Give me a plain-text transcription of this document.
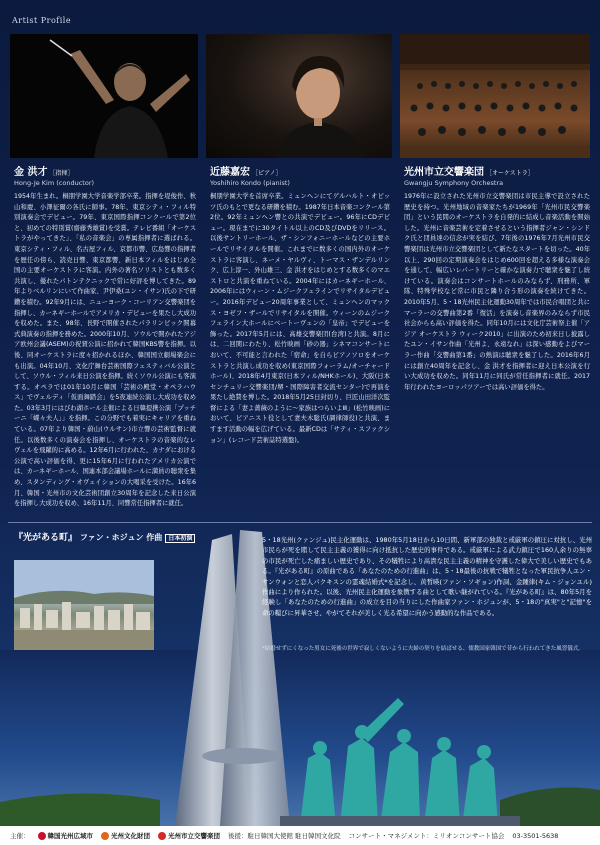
Artist Profile
金 洪才 ［指揮］
Hong-Je Kim (conductor)
1954年生まれ。桐朋学園大学音楽学部卒業。指揮を堤俊作、秋山和慶、小澤征爾の各氏に師事。78年、東京シティ・フィル特別演奏会でデビュー。79年、東京国際指揮コンクールで第2位と、初めての特別賞(齋藤秀雄賞)を受賞。テレビ番組「オーケストラがやってきた」、「私の音楽会」の専属指揮者に選ばれる。東京シティ・フィル、名古屋フィル、京都市響、広島響の指揮者を歴任の傍ら、読売日響、東京都響、新日本フィルをはじめ全国の主要オーケストラに客演。内外の著名ソリストとも数多く共演し、優れたパトンテクニックで常に好評を博してきた。89年よりベルリンにいて作曲家、尹伊桑(ユン・イサン)氏の下で研鑽を積む。92年9月には、ニューヨーク・コーリアン交響楽団を指揮し、カーネギーホールでアメリカ・デビューを果たし大成功を収めた。また、98年、長野で開催されたパラリンピック開幕式典演奏の指揮を務めた。2000年10月、ソウルで開かれたアジア欧州会議(ASEM)の祝賀公演に招かれて韓国KBS響を指揮。以後、同オーケストラに度々招かれるほか、韓国国立劇場楽会にも出演。04年10月、文化庁舞台芸術国際フェスティバル公演として、ソウル・フィル来日公演を指揮。続くソウル公演にも客演する。オペラでは01年10月に韓国「芸術の殿堂・オペラハウス」でヴェルディ「仮面舞踏会」を5夜連続公演し大成功を収めた。03年3月にはびわ湖ホール主催による日韓提携公演「プッチーニ「蝶々夫人」」を指揮。この分野でも着実にキャリアを重ねている。07年より韓国・蔚山(ウルサン)市立響の芸術監督に就任。以後数多くの演奏会を指揮し、オーケストラの音楽的なレヴェルを飛躍的に高める。12年6月に行われた、カナダにおける公演で高い評価を得、更に15年6月に行われたアメリカ公演では、カーネギーホール、国連本部会議場ホールに満員の聴衆を集め、スタンディング・オヴェイションの大喝采を受けた。16年6月、韓国・光州市の文化芸術団創立30周年を記念した来日公演を指揮し大成功を収め、16年11月、同響常任指揮者に就任。
近藤嘉宏 ［ピアノ］
Yoshihiro Kondo (pianist)
桐朋学園大学を首席卒業。ミュンヘンにてゲルハルト・オピッツ氏のもとで更なる研鑽を積む。1987年日本音楽コンクール第2位。92年ミュンヘン響との共演でデビュー。96年にCDデビュー。現在までに30タイトル以上のCD及びDVDをリリース。以後サントリーホール、ザ・シンフォニーホールなどの主要ホールでリサイタルを開催。これまでに数多くの国内外のオーケストラに客演し、ネーメ・ヤルヴィ、トーマス・ザンデルリンク、広上淳一、外山雄三、金 洪才をはじめとする数多くのマエストロと共演を重ねている。2004年にはカーネギーホール、2006年にはウィーン・ムジークフェラインでリサイタルデビュー。2016年デビュー20周年事業として、ミュンヘンのマックス・ヨゼフ・ザールでリサイタルを開催。ウィーンのムジークフェライン大ホールにベートーヴェンの「皇帝」でデビューを飾った。2017年5月には、高雄交響楽団(台湾)と共演。8月には、二回関にわたり、松竹映画「砂の器」シネマコンサートにおいて、不可能と言われた「宿命」を自らピアノソロをオーケストラと共演し成功を収め(東京国際フォーラム/オーチャードホール)、2018年4月東京(日本フィル/NHKホール)、大阪(日本センチュリー交響楽団/堺・国際障害者交流センター)で再演を果たし絶賛を博した。2018年5月25日封切り、巨匠山田洋次監督による「妻よ薔薇のように～家族はつらいよⅢ」(松竹映画)において、ピアニスト役として妻夫木聡氏(調律師役)と共演、ますます活動の幅を広げている。最新CDは「サティ・スファクション」(レコード芸術誌特選盤)。
光州市立交響楽団 ［オーケストラ］
Gwangju Symphony Orchestra
1976年に設立された光州市立交響楽団は市民主導で設立された歴史を持つ。光州地域の音楽家たちが1969年「光州市民交響楽団」という民間のオーケストラを自発的に結成し音楽活動を開始した。光州に音楽芸術を定着させるという指揮者ジャン・シンドク氏と団員達の信念が実を結び、7年後の1976年7月光州市民交響楽団は光州市立交響楽団として新たなスタートを切った。40年以上、290回の定期演奏会をはじめ600回を超える多様な演奏会を通して、幅広いレパートリーと確かな演奏力で聴衆を魅了し続けている。演奏会はコンサートホールのみならず、刑務所、軍隊、特殊学校など常に市民と隣り合う形の演奏を続けてきた。2010年5月、5・18光州民主化運動30周年では市民合唱団と共にマーラーの交響曲第2番「復活」を演奏し音楽界のみならず市民社会からも高い評価を得た。同年10月には文化庁芸術祭主催「アジア オーケストラ ウィーク2010」に出演のため初来日し披露したユン・イサン作曲「光州よ、永遠なれ」は深い感動をよびマーラー作曲「交響曲第1番」の熱演は聴衆を魅了した。2016年6月には創立40周年を記念し、金 洪才を指揮者に迎え日本公演を行い大成功を収めた。同年11月に同氏が常任指揮者に就任。2017年行われたヨーロッパツアーでは高い評価を得た。
『光がある町』 ファン・ホジュン 作曲 日本初演	5・18光州(クァンジュ)民主化運動は、1980年5月18日から10日間、新軍部の独裁と戒厳軍の鎮圧に対抗し、光州市民らが死を賭して民主主義の獲得に向け抵抗した歴史的事件である。戒厳軍による武力鎮圧で160人余りの無辜の市民が死亡した痛ましい歴史であり、その犠牲により高貴な民主主義の精神を守護した偉大で美しい歴史でもある。『光がある町』の原曲である「あなたのための行進曲」は、5・18最後の抗戦で犠牲となった軍民抗争人ユン・サンウォンと恋人パクキスンの霊魂結婚式*を記念し、黄皙暎(ファン・ソギョン)作詞、金鍾律(キム・ジョンユル)作曲により作られた。以後、光州民主化運動を象徴する曲として歌い継がれている。『光がある町』は、80年5月を経験し「あなたのための行進曲」の成立を目の当りにした作曲家ファン・ホジュンが、5・18の"真実"と"記憶"を命の糧びに昇華させ、やがてそれが美しく光る希望に向かう感動的な作品である。
*結婚せずにくなった男女に死後の世界で寂しくないように夫婦の契りを結ばせる、儒教国家韓国で昔から行われてきた風習儀式。
主催：	韓国光州広域市	光州文化財団	光州市立交響楽団 後援：駐日韓国大使館 駐日韓国文化院 コンサート・マネジメント：ミリオンコンサート協会 03-3501-5638
